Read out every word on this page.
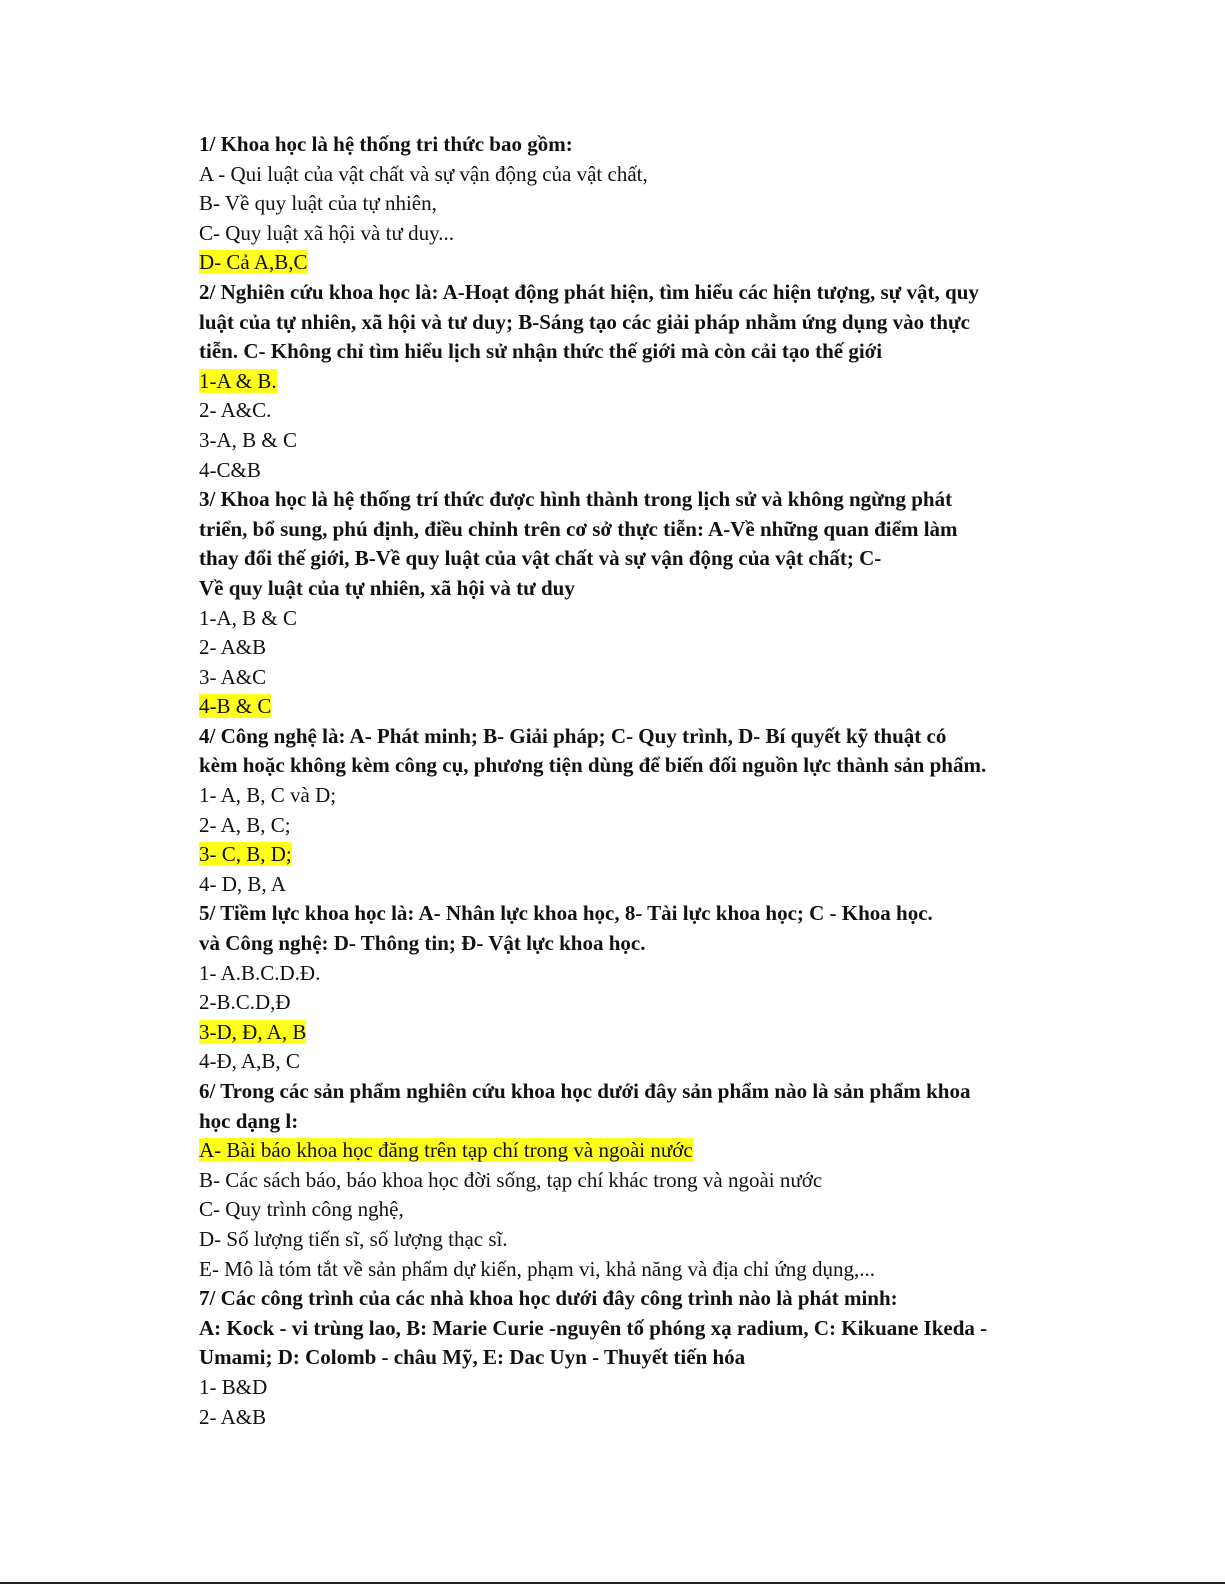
1/ Khoa học là hệ thống tri thức bao gồm:
A - Qui luật của vật chất và sự vận động của vật chất,
B- Về quy luật của tự nhiên,
C- Quy luật xã hội và tư duy...
D- Cả A,B,C
2/ Nghiên cứu khoa học là: A-Hoạt động phát hiện, tìm hiểu các hiện tượng, sự vật, quy
luật của tự nhiên, xã hội và tư duy; B-Sáng tạo các giải pháp nhằm ứng dụng vào thực
tiễn. C- Không chỉ tìm hiểu lịch sử nhận thức thế giới mà còn cải tạo thế giới
1-A & B.
2- A&C.
3-A, B & C
4-C&B
3/ Khoa học là hệ thống trí thức được hình thành trong lịch sử và không ngừng phát
triển, bổ sung, phú định, điều chỉnh trên cơ sở thực tiễn: A-Về những quan điểm làm
thay đổi thế giới, B-Về quy luật của vật chất và sự vận động của vật chất; C-
Về quy luật của tự nhiên, xã hội và tư duy
1-A, B & C
2- A&B
3- A&C
4-B & C
4/ Công nghệ là: A- Phát minh; B- Giải pháp; C- Quy trình, D- Bí quyết kỹ thuật có
kèm hoặc không kèm công cụ, phương tiện dùng để biến đối nguồn lực thành sản phẩm.
1- A, B, C và D;
2- A, B, C;
3- C, B, D;
4- D, B, A
5/ Tiềm lực khoa học là: A- Nhân lực khoa học, 8- Tài lực khoa học; C - Khoa học.
và Công nghệ: D- Thông tin; Đ- Vật lực khoa học.
1- A.B.C.D.Đ.
2-B.C.D,Đ
3-D, Đ, A, B
4-Đ, A,B, C
6/ Trong các sản phẩm nghiên cứu khoa học dưới đây sản phẩm nào là sản phẩm khoa
học dạng l:
A- Bài báo khoa học đăng trên tạp chí trong và ngoài nước
B- Các sách báo, báo khoa học đời sống, tạp chí khác trong và ngoài nước
C- Quy trình công nghệ,
D- Số lượng tiến sĩ, số lượng thạc sĩ.
E- Mô là tóm tắt về sản phẩm dự kiến, phạm vi, khả năng và địa chỉ ứng dụng,...
7/ Các công trình của các nhà khoa học dưới đây công trình nào là phát minh:
A: Kock - vi trùng lao, B: Marie Curie -nguyên tố phóng xạ radium, C: Kikuane Ikeda -
Umami; D: Colomb - châu Mỹ, E: Dac Uyn - Thuyết tiến hóa
1- B&D
2- A&B
